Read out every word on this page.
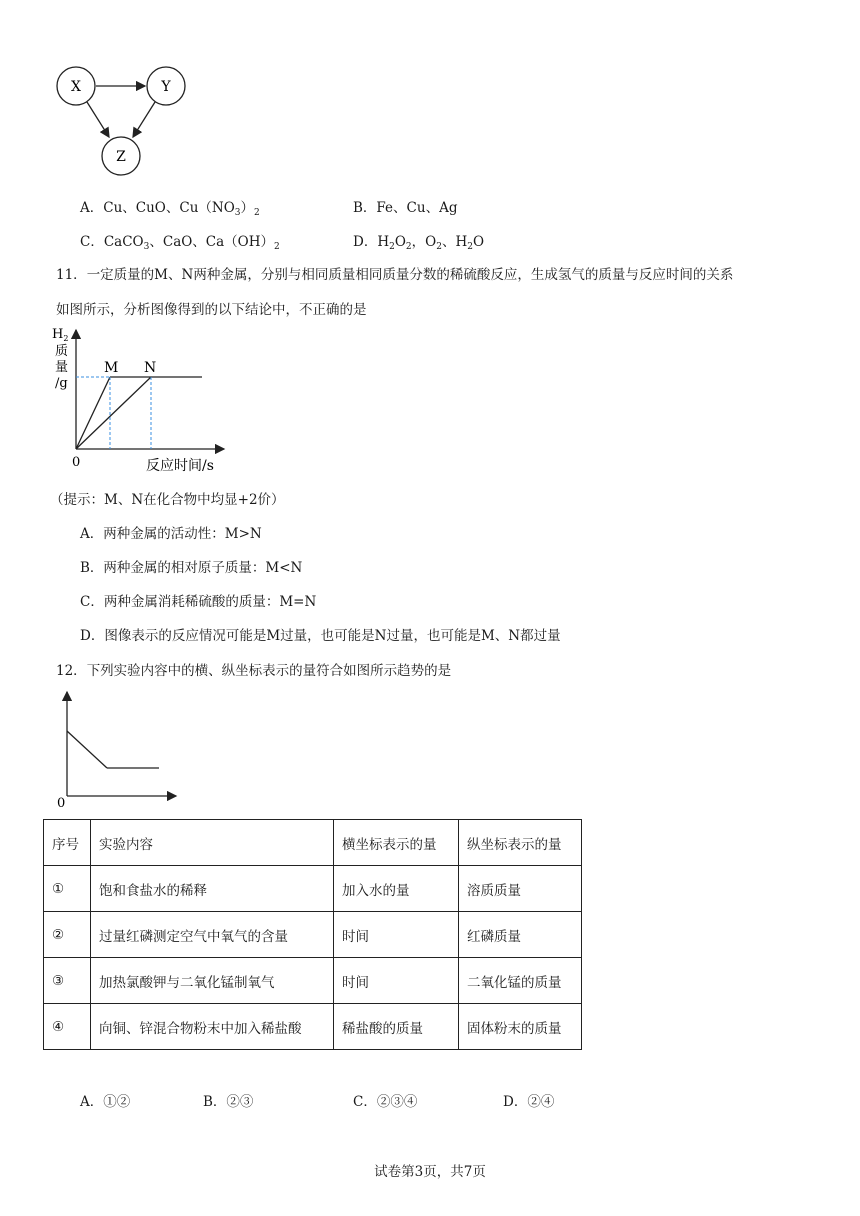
X	Y
Z
A．Cu、CuO、$Cu(NO_3)_2$	B．Fe、Cu、Ag
C．CaCO$_3$、CaO、$Ca(OH)_2$	D．$H_2O_2$，$O_2$、$H_2O$
11．一定质量的M、N两种金属，分别与相同质量相同质量分数的稀硫酸反应，生成氢气的质量与反应时间的关系
如图所示，分析图像得到的以下结论中，不正确的是
$H_2$
质
量
/g
0	反应时间/s
M N
（提示：M、N在化合物中均显+2价）
A．两种金属的活动性：M>N
B．两种金属的相对原子质量：M<N
C．两种金属消耗稀硫酸的质量：M=N
D．图像表示的反应情况可能是M过量，也可能是N过量，也可能是M、N都过量
12．下列实验内容中的横、纵坐标表示的量符合如图所示趋势的是
0
序号	实验内容	横坐标表示的量	纵坐标表示的量
①	饱和食盐水的稀释	加入水的量	溶质质量
②	过量红磷测定空气中氧气的含量	时间	红磷质量
③	加热氯酸钾与二氧化锰制氧气	时间	二氧化锰的质量
④	向铜、锌混合物粉末中加入稀盐酸	稀盐酸的质量	固体粉末的质量
A．①②	B．②③	C．②③④	D．②④
试卷第3页，共7页
